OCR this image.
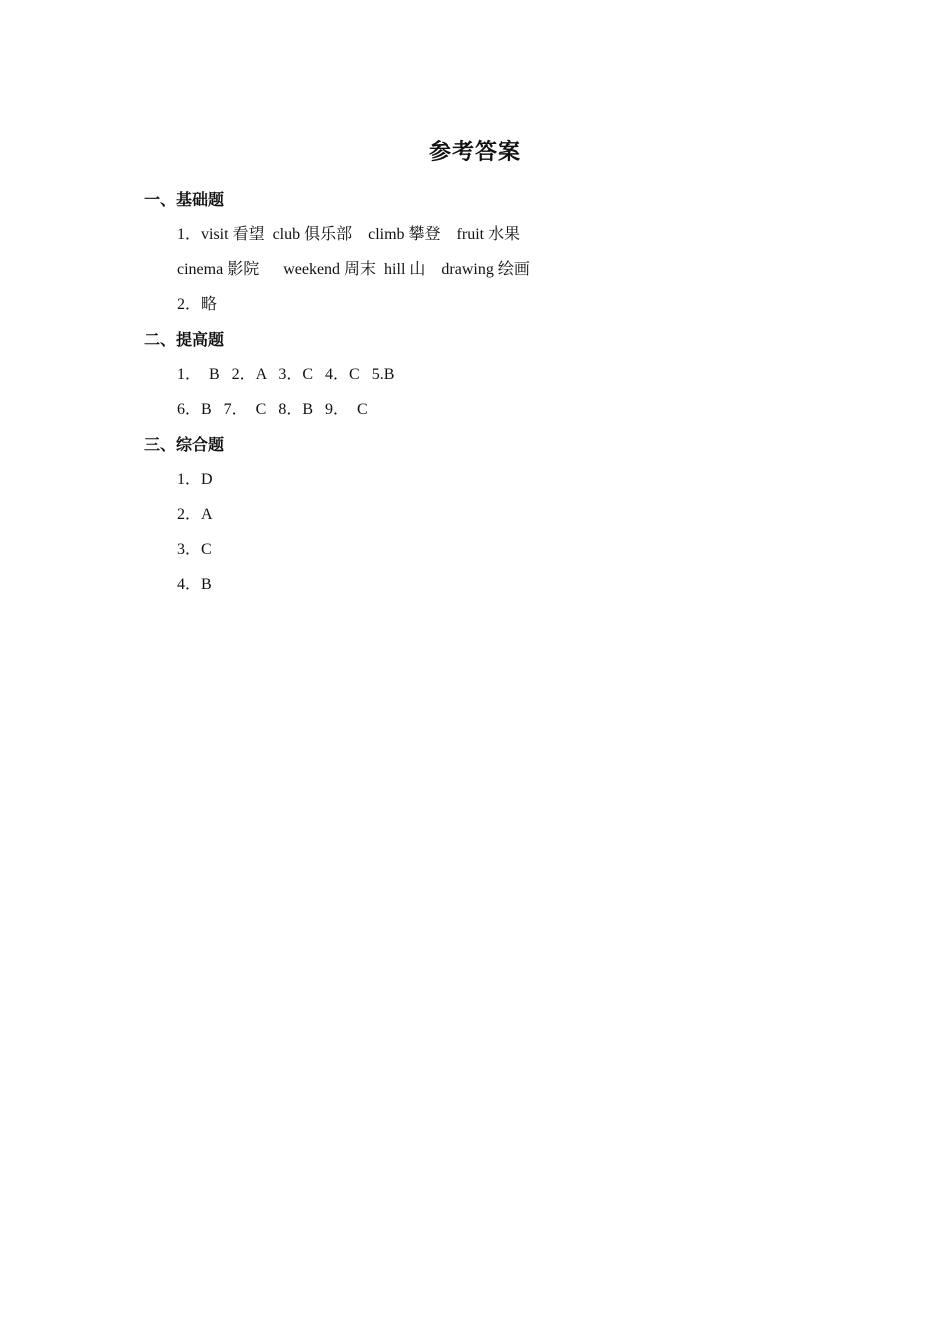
参考答案
一、基础题
1．visit 看望  club 俱乐部    climb 攀登    fruit 水果
cinema 影院      weekend 周末  hill 山    drawing 绘画
2．略
二、提高题
1．  B   2．A   3．C   4．C   5.B
6．B   7．  C   8．B   9．  C
三、综合题
1．D
2．A
3．C
4．B
